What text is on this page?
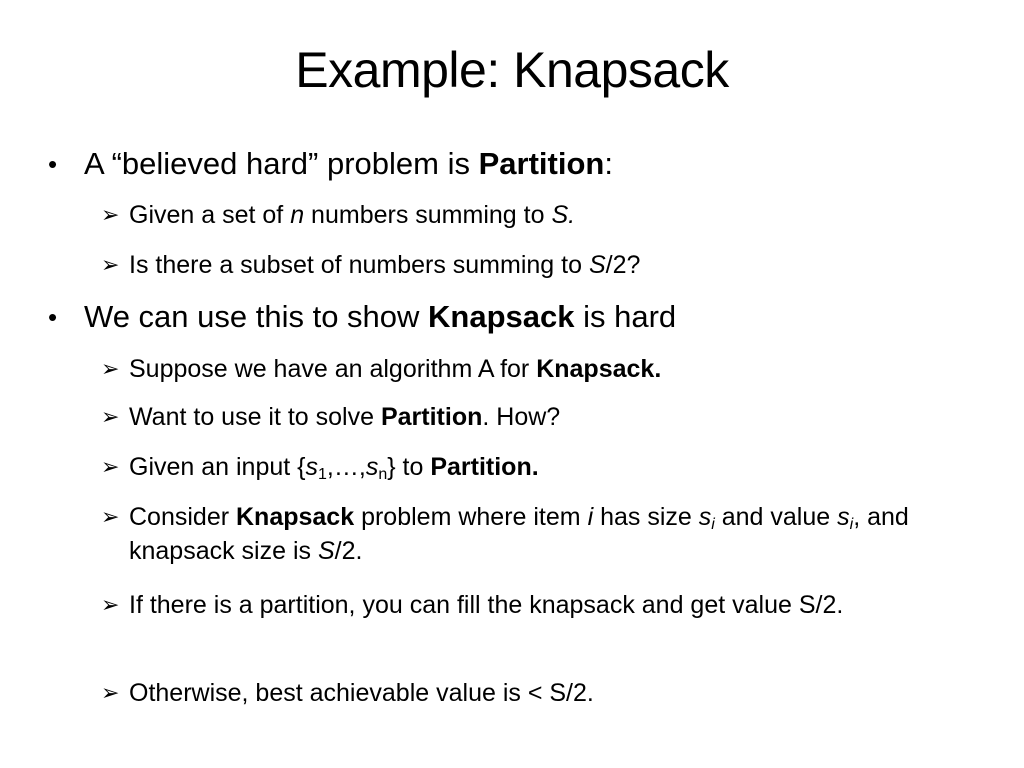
Example: Knapsack
• A “believed hard” problem is Partition:
➢ Given a set of n numbers summing to S.
➢ Is there a subset of numbers summing to S/2?
• We can use this to show Knapsack is hard
➢ Suppose we have an algorithm A for Knapsack.
➢ Want to use it to solve Partition. How?
➢ Given an input $\{s_1,\dots,s_n\}$ to Partition.
➢ Consider Knapsack problem where item i has size $s_i$ and value $s_i$, and knapsack size is S/2.
➢ If there is a partition, you can fill the knapsack and get value S/2.
➢ Otherwise, best achievable value is < S/2.
